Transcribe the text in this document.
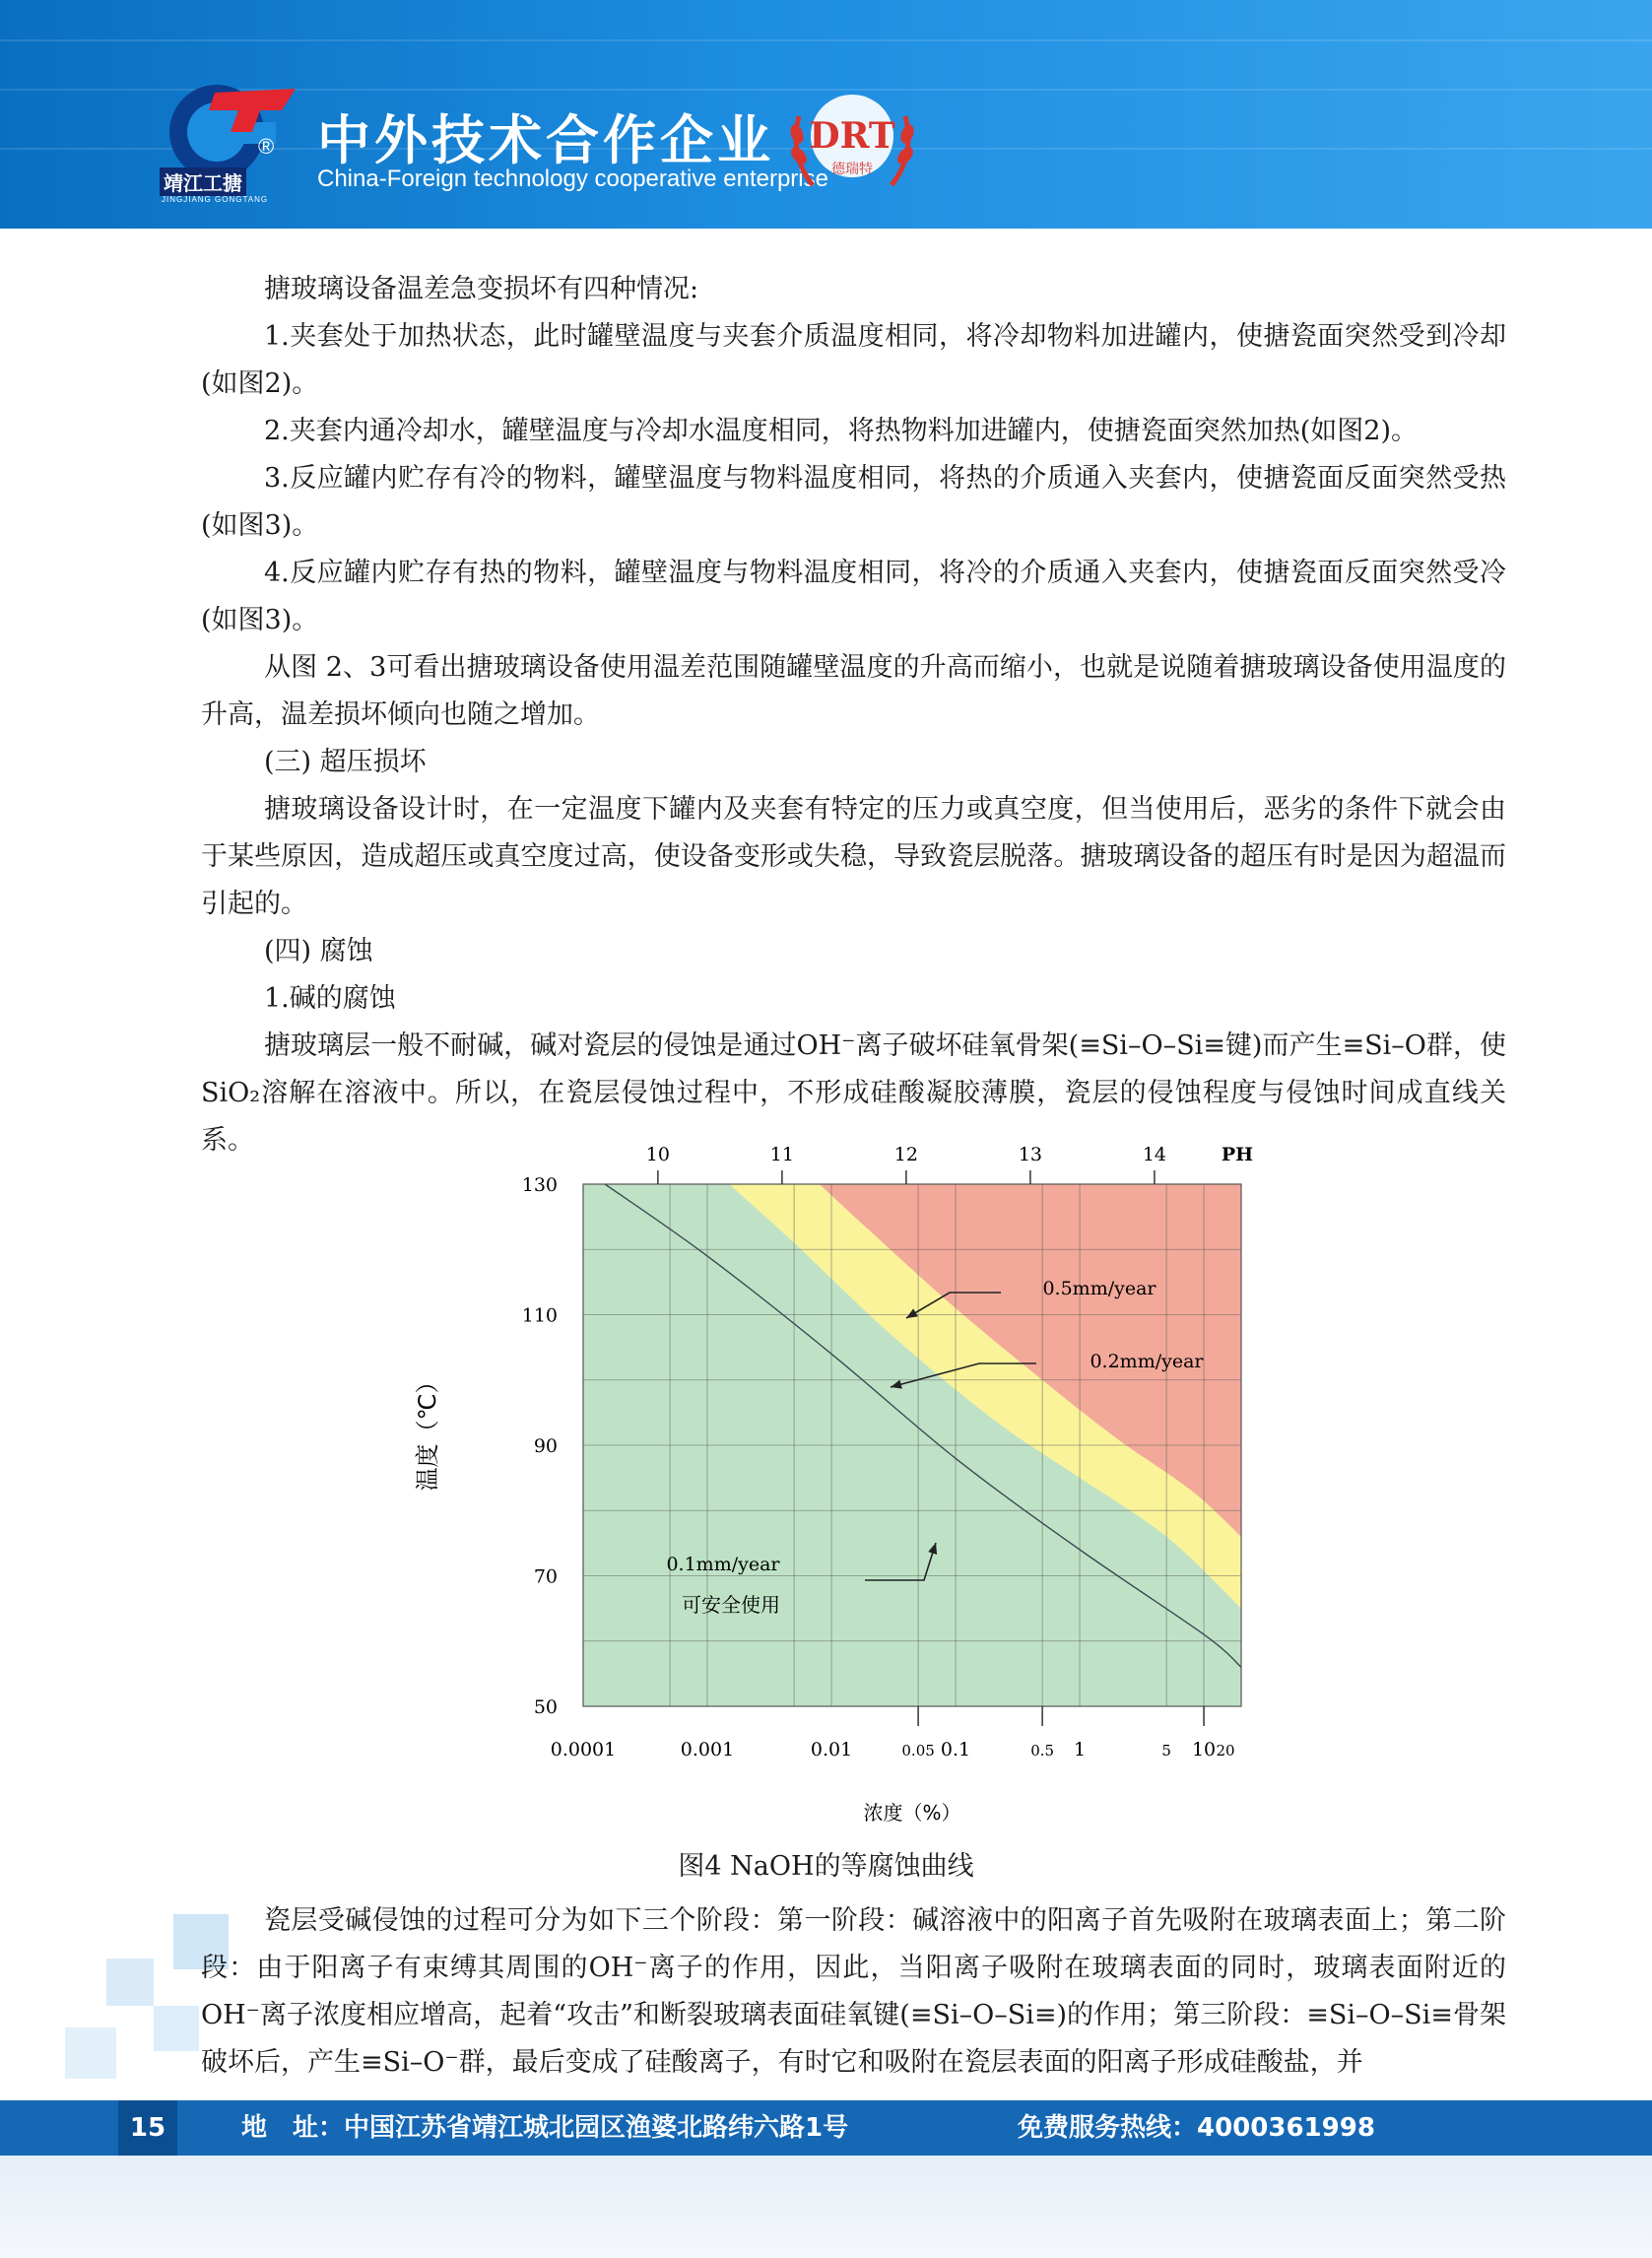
靖江工搪
JINGJIANG GONGTANG
® 中外技术合作企业
China-Foreign technology cooperative enterprise
DRT
德瑞特

搪玻璃设备温差急变损坏有四种情况:

1.夹套处于加热状态，此时罐壁温度与夹套介质温度相同，将冷却物料加进罐内，使搪瓷面突然受到冷却(如图2)。

2.夹套内通冷却水，罐壁温度与冷却水温度相同，将热物料加进罐内，使搪瓷面突然加热(如图2)。

3.反应罐内贮存有冷的物料，罐壁温度与物料温度相同，将热的介质通入夹套内，使搪瓷面反面突然受热(如图3)。

4.反应罐内贮存有热的物料，罐壁温度与物料温度相同，将冷的介质通入夹套内，使搪瓷面反面突然受冷(如图3)。

从图 2、3可看出搪玻璃设备使用温差范围随罐壁温度的升高而缩小，也就是说随着搪玻璃设备使用温度的升高，温差损坏倾向也随之增加。

(三) 超压损坏

搪玻璃设备设计时，在一定温度下罐内及夹套有特定的压力或真空度，但当使用后，恶劣的条件下就会由于某些原因，造成超压或真空度过高，使设备变形或失稳，导致瓷层脱落。搪玻璃设备的超压有时是因为超温而引起的。

(四) 腐蚀

1.碱的腐蚀

搪玻璃层一般不耐碱，碱对瓷层的侵蚀是通过OH⁻离子破坏硅氧骨架(≡Si–O–Si≡键)而产生≡Si–O群，使SiO₂溶解在溶液中。所以，在瓷层侵蚀过程中，不形成硅酸凝胶薄膜，瓷层的侵蚀程度与侵蚀时间成直线关系。

0.0001	0.001	0.01	0.05 0.1	0.5 1	5 10 20
50
70
90
110
130
10	11	12	13	14	PH
温度（℃）
浓度（%）
0.5mm/year
0.2mm/year
0.1mm/year
可安全使用
图4 NaOH的等腐蚀曲线

瓷层受碱侵蚀的过程可分为如下三个阶段：第一阶段：碱溶液中的阳离子首先吸附在玻璃表面上；第二阶段：由于阳离子有束缚其周围的OH⁻离子的作用，因此，当阳离子吸附在玻璃表面的同时，玻璃表面附近的OH⁻离子浓度相应增高，起着“攻击”和断裂玻璃表面硅氧键(≡Si–O–Si≡)的作用；第三阶段：≡Si–O–Si≡骨架破坏后，产生≡Si–O⁻群，最后变成了硅酸离子，有时它和吸附在瓷层表面的阳离子形成硅酸盐，并

15	地　址：中国江苏省靖江城北园区渔婆北路纬六路1号	免费服务热线：4000361998
